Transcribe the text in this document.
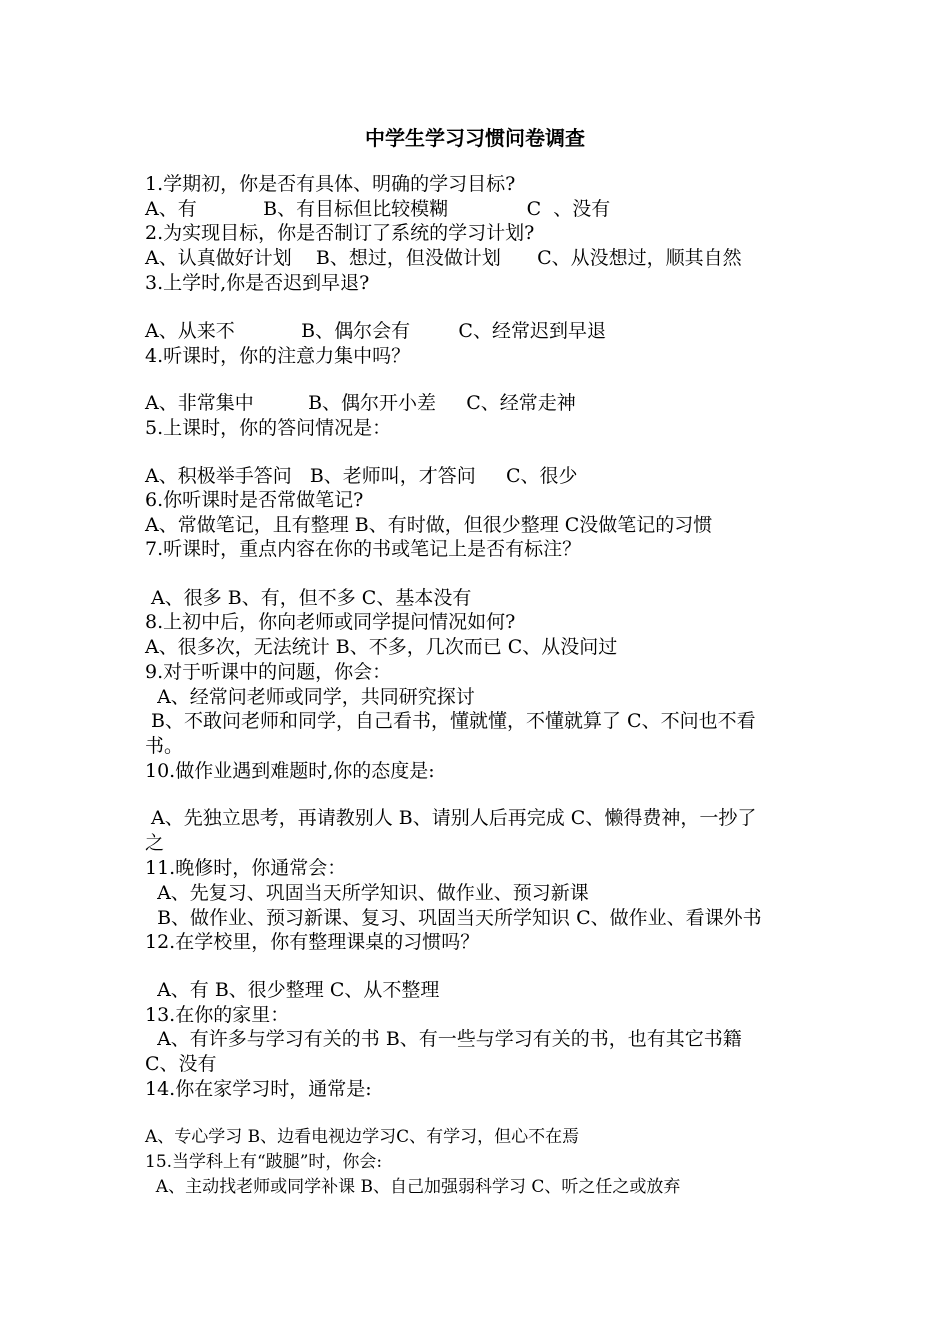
中学生学习习惯问卷调查
1.学期初，你是否有具体、明确的学习目标?
A、有           B、有目标但比较模糊             C  、没有
2.为实现目标，你是否制订了系统的学习计划?
A、认真做好计划    B、想过，但没做计划      C、从没想过，顺其自然
3.上学时,你是否迟到早退?
A、从来不           B、偶尔会有        C、经常迟到早退
4.听课时，你的注意力集中吗？
A、非常集中         B、偶尔开小差     C、经常走神
5.上课时，你的答问情况是：
A、积极举手答问   B、老师叫，才答问     C、很少
6.你听课时是否常做笔记?
A、常做笔记，且有整理 B、有时做，但很少整理 C没做笔记的习惯
7.听课时，重点内容在你的书或笔记上是否有标注？
A、很多 B、有，但不多 C、基本没有
8.上初中后，你向老师或同学提问情况如何?
A、很多次，无法统计 B、不多，几次而已 C、从没问过
9.对于听课中的问题，你会：
A、经常问老师或同学，共同研究探讨
B、不敢问老师和同学，自己看书，懂就懂，不懂就算了 C、不问也不看
书。
10.做作业遇到难题时,你的态度是:
A、先独立思考，再请教别人 B、请别人后再完成 C、懒得费神，一抄了
之
11.晚修时，你通常会：
A、先复习、巩固当天所学知识、做作业、预习新课
B、做作业、预习新课、复习、巩固当天所学知识 C、做作业、看课外书
12.在学校里，你有整理课桌的习惯吗？
A、有 B、很少整理 C、从不整理
13.在你的家里：
A、有许多与学习有关的书 B、有一些与学习有关的书，也有其它书籍
C、没有
14.你在家学习时，通常是:
A、专心学习 B、边看电视边学习C、有学习，但心不在焉
15.当学科上有“跛腿”时，你会:
A、主动找老师或同学补课 B、自己加强弱科学习 C、听之任之或放弃
